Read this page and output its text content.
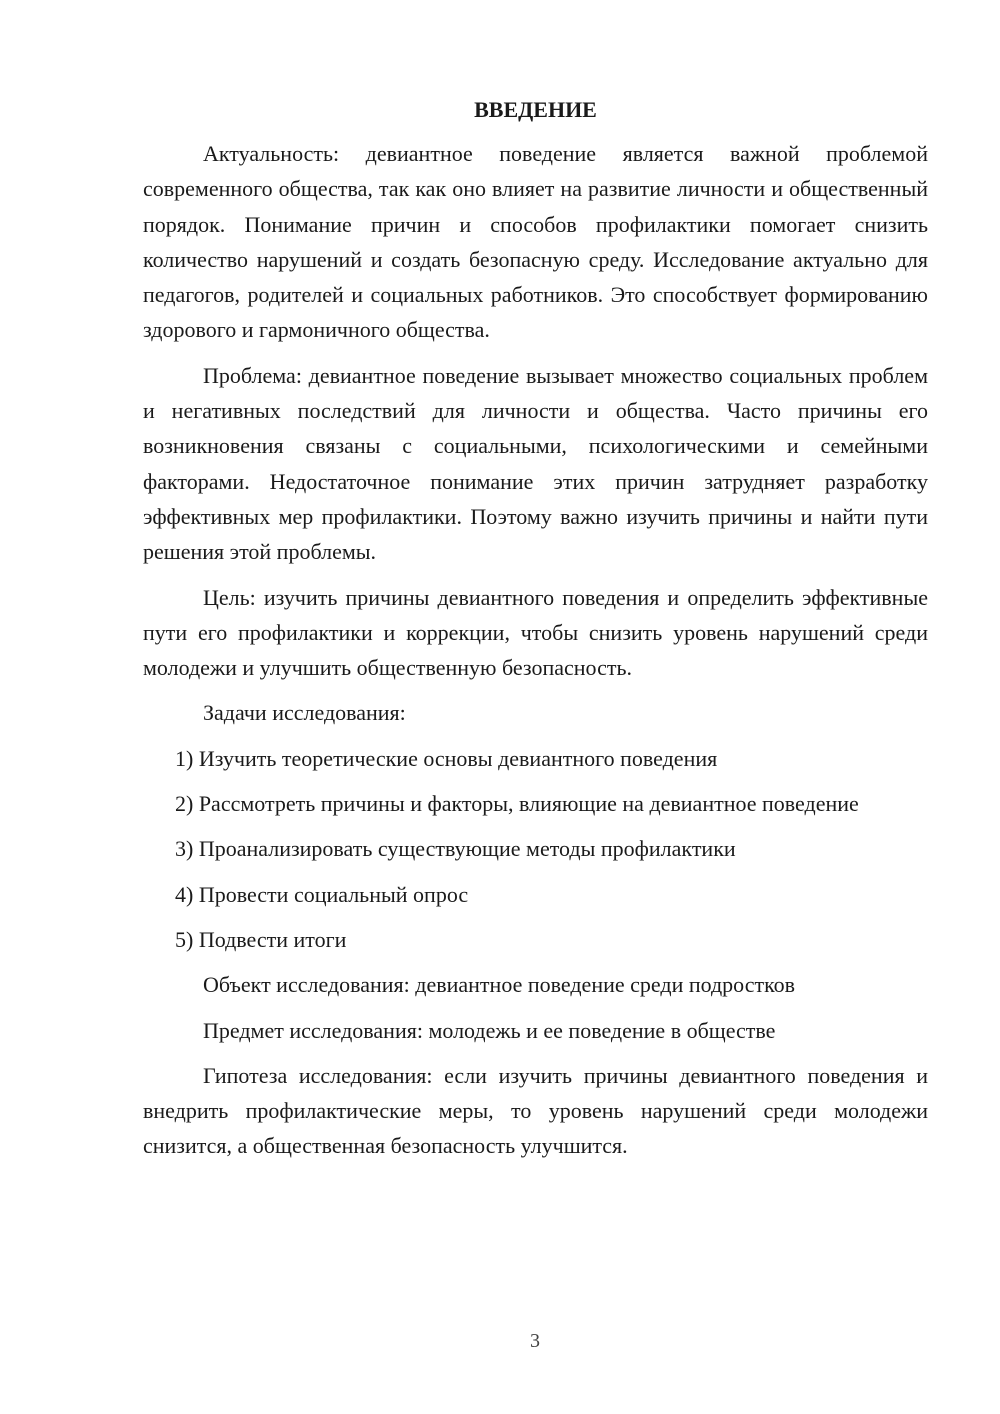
ВВЕДЕНИЕ

Актуальность: девиантное поведение является важной проблемой современного общества, так как оно влияет на развитие личности и общественный порядок. Понимание причин и способов профилактики помогает снизить количество нарушений и создать безопасную среду. Исследование актуально для педагогов, родителей и социальных работников. Это способствует формированию здорового и гармоничного общества.

Проблема: девиантное поведение вызывает множество социальных проблем и негативных последствий для личности и общества. Часто причины его возникновения связаны с социальными, психологическими и семейными факторами. Недостаточное понимание этих причин затрудняет разработку эффективных мер профилактики. Поэтому важно изучить причины и найти пути решения этой проблемы.

Цель: изучить причины девиантного поведения и определить эффективные пути его профилактики и коррекции, чтобы снизить уровень нарушений среди молодежи и улучшить общественную безопасность.

Задачи исследования:

1) Изучить теоретические основы девиантного поведения

2) Рассмотреть причины и факторы, влияющие на девиантное поведение

3) Проанализировать существующие методы профилактики

4) Провести социальный опрос

5) Подвести итоги

Объект исследования: девиантное поведение среди подростков

Предмет исследования: молодежь и ее поведение в обществе

Гипотеза исследования: если изучить причины девиантного поведения и внедрить профилактические меры, то уровень нарушений среди молодежи снизится, а общественная безопасность улучшится.

3
